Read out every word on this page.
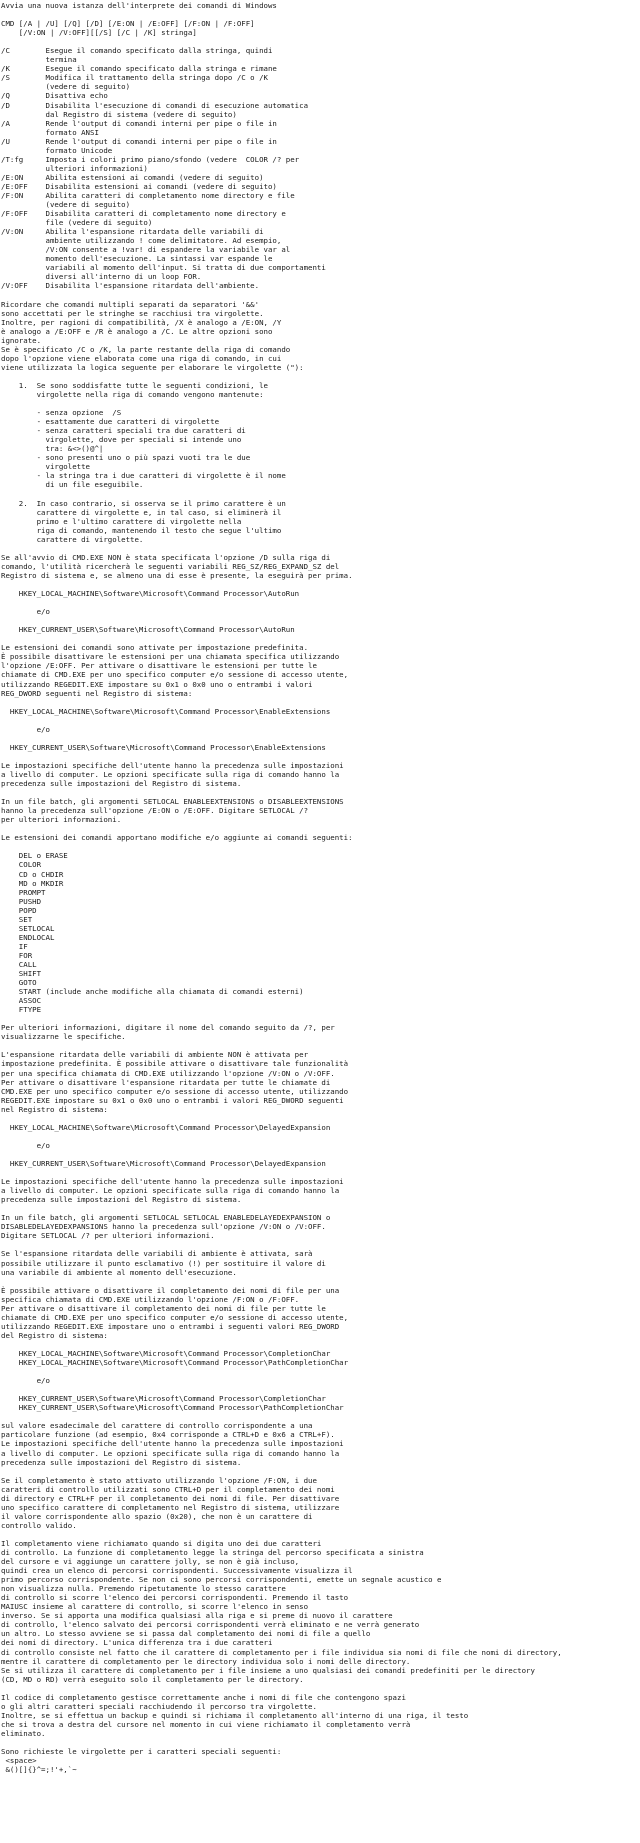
Avvia una nuova istanza dell'interprete dei comandi di Windows
CMD [/A | /U] [/Q] [/D] [/E:ON | /E:OFF] [/F:ON | /F:OFF]
[/V:ON | /V:OFF][[/S] [/C | /K] stringa]
/C        Esegue il comando specificato dalla stringa, quindi
termina
/K        Esegue il comando specificato dalla stringa e rimane
/S        Modifica il trattamento della stringa dopo /C o /K
(vedere di seguito)
/Q        Disattiva echo
/D        Disabilita l'esecuzione di comandi di esecuzione automatica
dal Registro di sistema (vedere di seguito)
/A        Rende l'output di comandi interni per pipe o file in
formato ANSI
/U        Rende l'output di comandi interni per pipe o file in
formato Unicode
/T:fg     Imposta i colori primo piano/sfondo (vedere  COLOR /? per
ulteriori informazioni)
/E:ON     Abilita estensioni ai comandi (vedere di seguito)
/E:OFF    Disabilita estensioni ai comandi (vedere di seguito)
/F:ON     Abilita caratteri di completamento nome directory e file
(vedere di seguito)
/F:OFF    Disabilita caratteri di completamento nome directory e
file (vedere di seguito)
/V:ON     Abilita l'espansione ritardata delle variabili di
ambiente utilizzando ! come delimitatore. Ad esempio,
/V:ON consente a !var! di espandere la variabile var al
momento dell'esecuzione. La sintassi var espande le
variabili al momento dell'input. Si tratta di due comportamenti
diversi all'interno di un loop FOR.
/V:OFF    Disabilita l'espansione ritardata dell'ambiente.
Ricordare che comandi multipli separati da separatori '&&'
sono accettati per le stringhe se racchiusi tra virgolette.
Inoltre, per ragioni di compatibilità, /X è analogo a /E:ON, /Y
è analogo a /E:OFF e /R è analogo a /C. Le altre opzioni sono
ignorate.
Se è specificato /C o /K, la parte restante della riga di comando
dopo l'opzione viene elaborata come una riga di comando, in cui
viene utilizzata la logica seguente per elaborare le virgolette ("):
1.  Se sono soddisfatte tutte le seguenti condizioni, le
virgolette nella riga di comando vengono mantenute:
- senza opzione  /S
- esattamente due caratteri di virgolette
- senza caratteri speciali tra due caratteri di
virgolette, dove per speciali si intende uno
tra: &<>()@^|
- sono presenti uno o più spazi vuoti tra le due
virgolette
- la stringa tra i due caratteri di virgolette è il nome
di un file eseguibile.
2.  In caso contrario, si osserva se il primo carattere è un
carattere di virgolette e, in tal caso, si eliminerà il
primo e l'ultimo carattere di virgolette nella
riga di comando, mantenendo il testo che segue l'ultimo
carattere di virgolette.
Se all'avvio di CMD.EXE NON è stata specificata l'opzione /D sulla riga di
comando, l'utilità ricercherà le seguenti variabili REG_SZ/REG_EXPAND_SZ del
Registro di sistema e, se almeno una di esse è presente, la eseguirà per prima.
HKEY_LOCAL_MACHINE\Software\Microsoft\Command Processor\AutoRun
e/o
HKEY_CURRENT_USER\Software\Microsoft\Command Processor\AutoRun
Le estensioni dei comandi sono attivate per impostazione predefinita.
È possibile disattivare le estensioni per una chiamata specifica utilizzando
l'opzione /E:OFF. Per attivare o disattivare le estensioni per tutte le
chiamate di CMD.EXE per uno specifico computer e/o sessione di accesso utente,
utilizzando REGEDIT.EXE impostare su 0x1 o 0x0 uno o entrambi i valori
REG_DWORD seguenti nel Registro di sistema:
HKEY_LOCAL_MACHINE\Software\Microsoft\Command Processor\EnableExtensions
e/o
HKEY_CURRENT_USER\Software\Microsoft\Command Processor\EnableExtensions
Le impostazioni specifiche dell'utente hanno la precedenza sulle impostazioni
a livello di computer. Le opzioni specificate sulla riga di comando hanno la
precedenza sulle impostazioni del Registro di sistema.
In un file batch, gli argomenti SETLOCAL ENABLEEXTENSIONS o DISABLEEXTENSIONS
hanno la precedenza sull'opzione /E:ON o /E:OFF. Digitare SETLOCAL /?
per ulteriori informazioni.
Le estensioni dei comandi apportano modifiche e/o aggiunte ai comandi seguenti:
DEL o ERASE
COLOR
CD o CHDIR
MD o MKDIR
PROMPT
PUSHD
POPD
SET
SETLOCAL
ENDLOCAL
IF
FOR
CALL
SHIFT
GOTO
START (include anche modifiche alla chiamata di comandi esterni)
ASSOC
FTYPE
Per ulteriori informazioni, digitare il nome del comando seguito da /?, per
visualizzarne le specifiche.
L'espansione ritardata delle variabili di ambiente NON è attivata per
impostazione predefinita. È possibile attivare o disattivare tale funzionalità
per una specifica chiamata di CMD.EXE utilizzando l'opzione /V:ON o /V:OFF.
Per attivare o disattivare l'espansione ritardata per tutte le chiamate di
CMD.EXE per uno specifico computer e/o sessione di accesso utente, utilizzando
REGEDIT.EXE impostare su 0x1 o 0x0 uno o entrambi i valori REG_DWORD seguenti
nel Registro di sistema:
HKEY_LOCAL_MACHINE\Software\Microsoft\Command Processor\DelayedExpansion
e/o
HKEY_CURRENT_USER\Software\Microsoft\Command Processor\DelayedExpansion
Le impostazioni specifiche dell'utente hanno la precedenza sulle impostazioni
a livello di computer. Le opzioni specificate sulla riga di comando hanno la
precedenza sulle impostazioni del Registro di sistema.
In un file batch, gli argomenti SETLOCAL SETLOCAL ENABLEDELAYEDEXPANSION o
DISABLEDELAYEDEXPANSIONS hanno la precedenza sull'opzione /V:ON o /V:OFF.
Digitare SETLOCAL /? per ulteriori informazioni.
Se l'espansione ritardata delle variabili di ambiente è attivata, sarà
possibile utilizzare il punto esclamativo (!) per sostituire il valore di
una variabile di ambiente al momento dell'esecuzione.
È possibile attivare o disattivare il completamento dei nomi di file per una
specifica chiamata di CMD.EXE utilizzando l'opzione /F:ON o /F:OFF.
Per attivare o disattivare il completamento dei nomi di file per tutte le
chiamate di CMD.EXE per uno specifico computer e/o sessione di accesso utente,
utilizzando REGEDIT.EXE impostare uno o entrambi i seguenti valori REG_DWORD
del Registro di sistema:
HKEY_LOCAL_MACHINE\Software\Microsoft\Command Processor\CompletionChar
HKEY_LOCAL_MACHINE\Software\Microsoft\Command Processor\PathCompletionChar
e/o
HKEY_CURRENT_USER\Software\Microsoft\Command Processor\CompletionChar
HKEY_CURRENT_USER\Software\Microsoft\Command Processor\PathCompletionChar
sul valore esadecimale del carattere di controllo corrispondente a una
particolare funzione (ad esempio, 0x4 corrisponde a CTRL+D e 0x6 a CTRL+F).
Le impostazioni specifiche dell'utente hanno la precedenza sulle impostazioni
a livello di computer. Le opzioni specificate sulla riga di comando hanno la
precedenza sulle impostazioni del Registro di sistema.
Se il completamento è stato attivato utilizzando l'opzione /F:ON, i due
caratteri di controllo utilizzati sono CTRL+D per il completamento dei nomi
di directory e CTRL+F per il completamento dei nomi di file. Per disattivare
uno specifico carattere di completamento nel Registro di sistema, utilizzare
il valore corrispondente allo spazio (0x20), che non è un carattere di
controllo valido.
Il completamento viene richiamato quando si digita uno dei due caratteri
di controllo. La funzione di completamento legge la stringa del percorso specificata a sinistra
del cursore e vi aggiunge un carattere jolly, se non è già incluso,
quindi crea un elenco di percorsi corrispondenti. Successivamente visualizza il
primo percorso corrispondente. Se non ci sono percorsi corrispondenti, emette un segnale acustico e
non visualizza nulla. Premendo ripetutamente lo stesso carattere
di controllo si scorre l'elenco dei percorsi corrispondenti. Premendo il tasto
MAIUSC insieme al carattere di controllo, si scorre l'elenco in senso
inverso. Se si apporta una modifica qualsiasi alla riga e si preme di nuovo il carattere
di controllo, l'elenco salvato dei percorsi corrispondenti verrà eliminato e ne verrà generato
un altro. Lo stesso avviene se si passa dal completamento dei nomi di file a quello
dei nomi di directory. L'unica differenza tra i due caratteri
di controllo consiste nel fatto che il carattere di completamento per i file individua sia nomi di file che nomi di directory,
mentre il carattere di completamento per le directory individua solo i nomi delle directory.
Se si utilizza il carattere di completamento per i file insieme a uno qualsiasi dei comandi predefiniti per le directory
(CD, MD o RD) verrà eseguito solo il completamento per le directory.
Il codice di completamento gestisce correttamente anche i nomi di file che contengono spazi
o gli altri caratteri speciali racchiudendo il percorso tra virgolette.
Inoltre, se si effettua un backup e quindi si richiama il completamento all'interno di una riga, il testo
che si trova a destra del cursore nel momento in cui viene richiamato il completamento verrà
eliminato.
Sono richieste le virgolette per i caratteri speciali seguenti:
<space>
&()[]{}^=;!'+,`~
